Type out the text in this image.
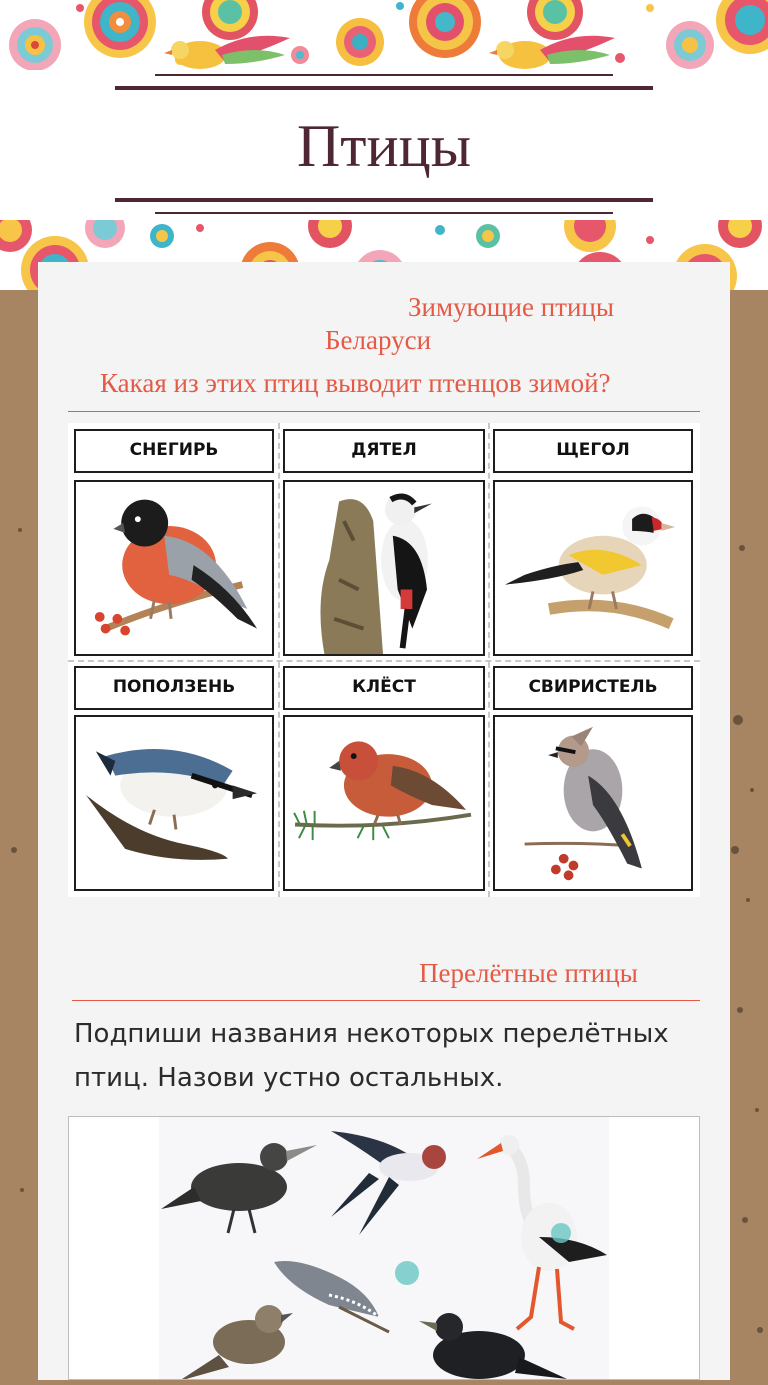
Птицы
Зимующие птицы
Беларуси
Какая из этих птиц выводит птенцов зимой?
СНЕГИРЬ	ДЯТЕЛ	ЩЕГОЛ
ПОПОЛЗЕНЬ	КЛЁСТ	СВИРИСТЕЛЬ
Перелётные птицы
Подпиши названия некоторых перелётных птиц. Назови устно остальных.
